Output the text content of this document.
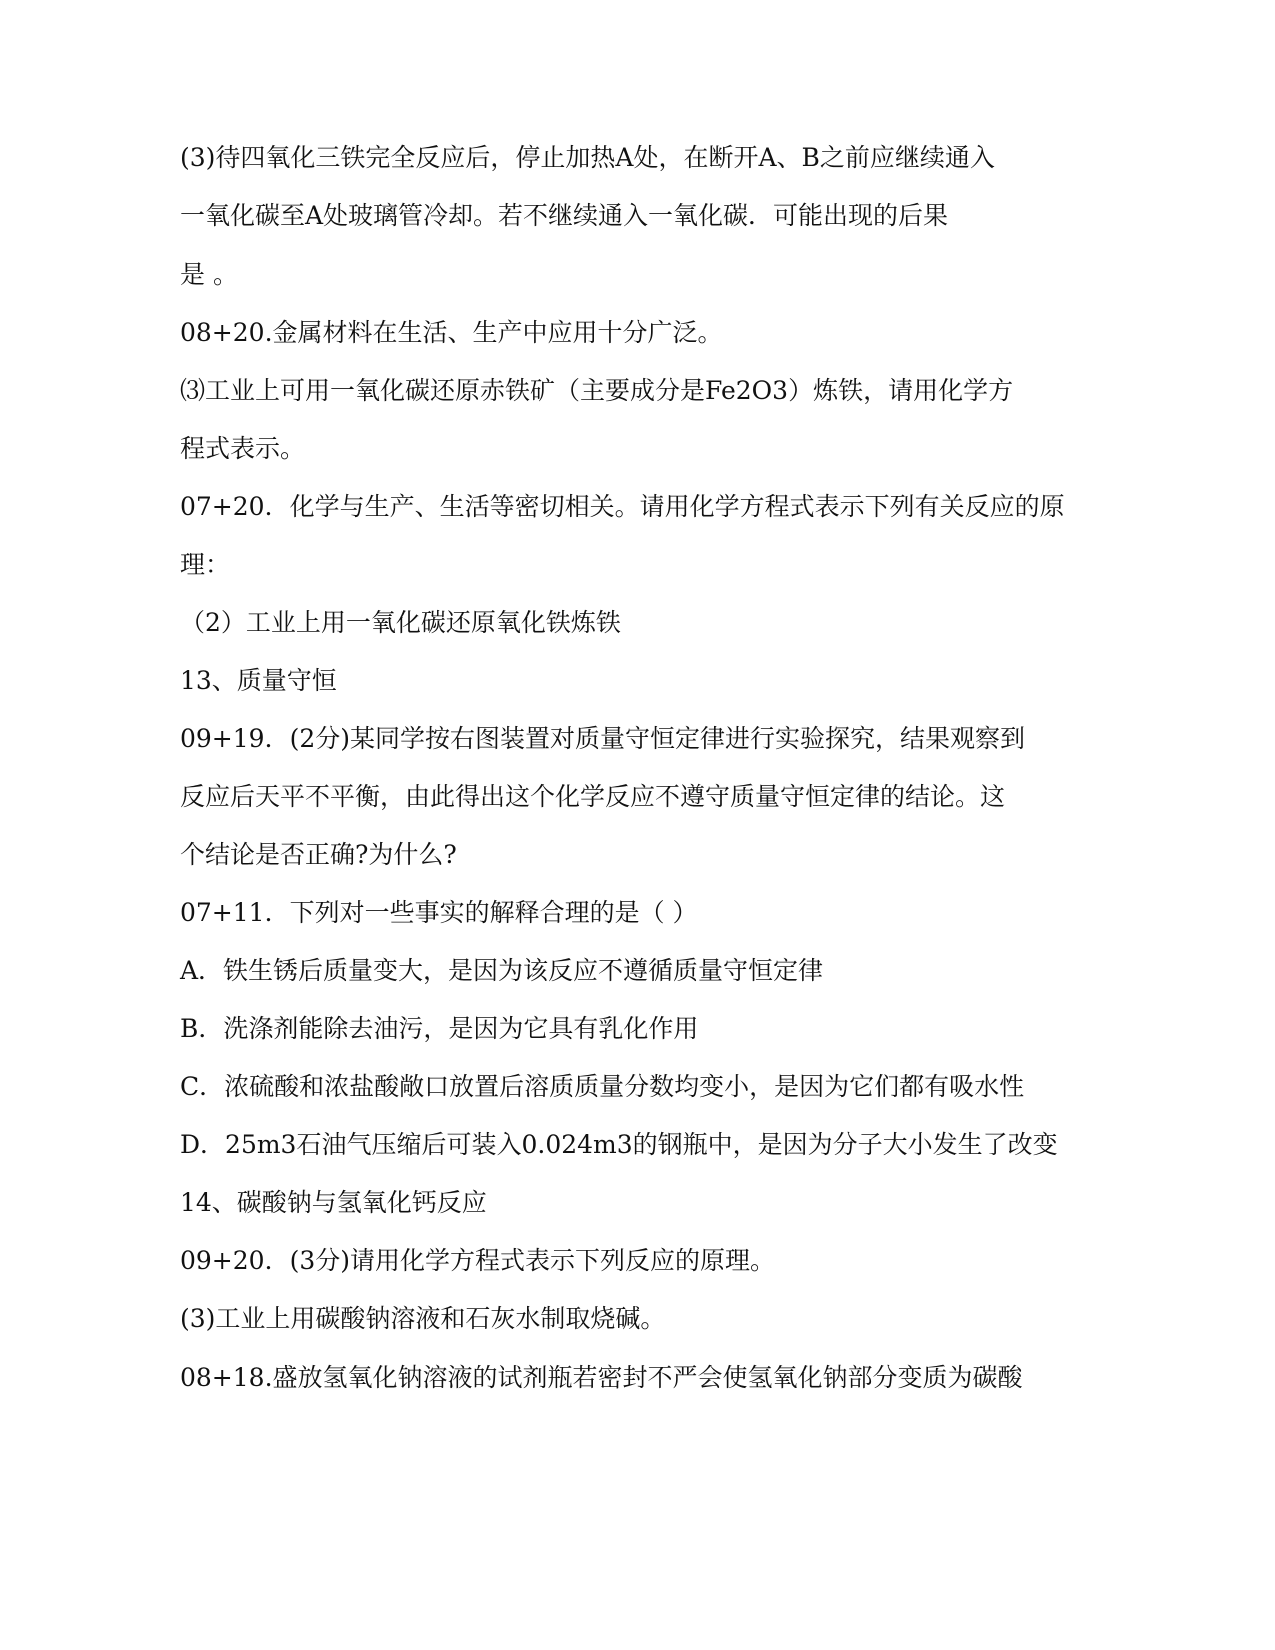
(3)待四氧化三铁完全反应后，停止加热A处，在断开A、B之前应继续通入
一氧化碳至A处玻璃管冷却。若不继续通入一氧化碳．可能出现的后果
是 。
08+20.金属材料在生活、生产中应用十分广泛。
⑶工业上可用一氧化碳还原赤铁矿（主要成分是Fe2O3）炼铁，请用化学方
程式表示。
07+20．化学与生产、生活等密切相关。请用化学方程式表示下列有关反应的原
理：
（2）工业上用一氧化碳还原氧化铁炼铁
13、质量守恒
09+19．(2分)某同学按右图装置对质量守恒定律进行实验探究，结果观察到
反应后天平不平衡，由此得出这个化学反应不遵守质量守恒定律的结论。这
个结论是否正确?为什么?
07+11．下列对一些事实的解释合理的是（ ）
A．铁生锈后质量变大，是因为该反应不遵循质量守恒定律
B．洗涤剂能除去油污，是因为它具有乳化作用
C．浓硫酸和浓盐酸敞口放置后溶质质量分数均变小，是因为它们都有吸水性
D．25m3石油气压缩后可装入0.024m3的钢瓶中，是因为分子大小发生了改变
14、碳酸钠与氢氧化钙反应
09+20．(3分)请用化学方程式表示下列反应的原理。
(3)工业上用碳酸钠溶液和石灰水制取烧碱。
08+18.盛放氢氧化钠溶液的试剂瓶若密封不严会使氢氧化钠部分变质为碳酸
